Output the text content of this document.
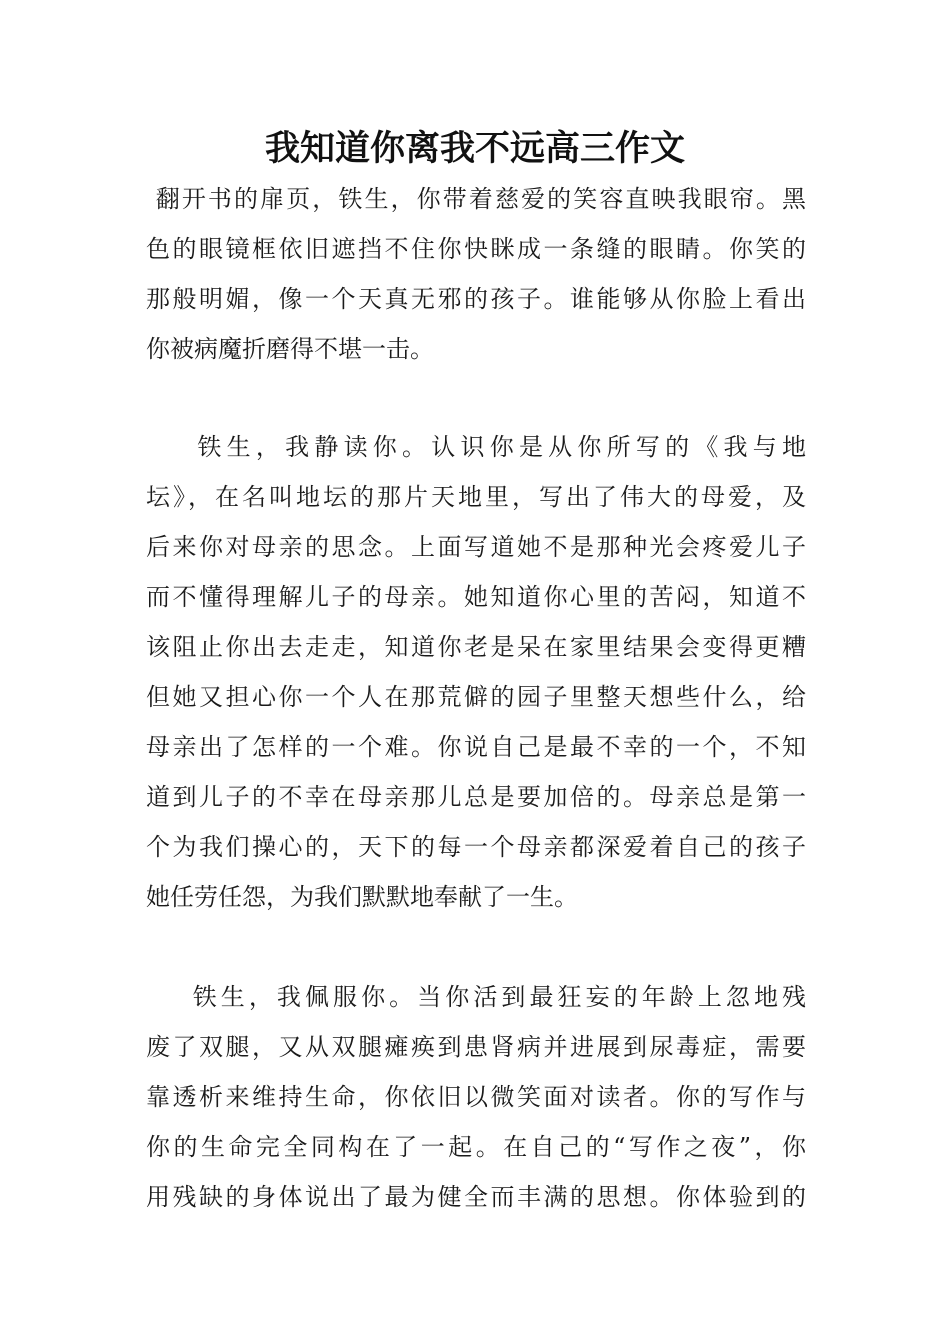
我知道你离我不远高三作文

翻开书的扉页，铁生，你带着慈爱的笑容直映我眼帘。黑

色的眼镜框依旧遮挡不住你快眯成一条缝的眼睛。你笑的

那般明媚，像一个天真无邪的孩子。谁能够从你脸上看出

你被病魔折磨得不堪一击。

铁生，我静读你。认识你是从你所写的《我与地

坛》，在名叫地坛的那片天地里，写出了伟大的母爱，及

后来你对母亲的思念。上面写道她不是那种光会疼爱儿子

而不懂得理解儿子的母亲。她知道你心里的苦闷，知道不

该阻止你出去走走，知道你老是呆在家里结果会变得更糟

但她又担心你一个人在那荒僻的园子里整天想些什么，给

母亲出了怎样的一个难。你说自己是最不幸的一个，不知

道到儿子的不幸在母亲那儿总是要加倍的。母亲总是第一

个为我们操心的，天下的每一个母亲都深爱着自己的孩子

她任劳任怨，为我们默默地奉献了一生。

铁生，我佩服你。当你活到最狂妄的年龄上忽地残

废了双腿，又从双腿瘫痪到患肾病并进展到尿毒症，需要

靠透析来维持生命，你依旧以微笑面对读者。你的写作与

你的生命完全同构在了一起。在自己的“写作之夜”，你

用残缺的身体说出了最为健全而丰满的思想。你体验到的
